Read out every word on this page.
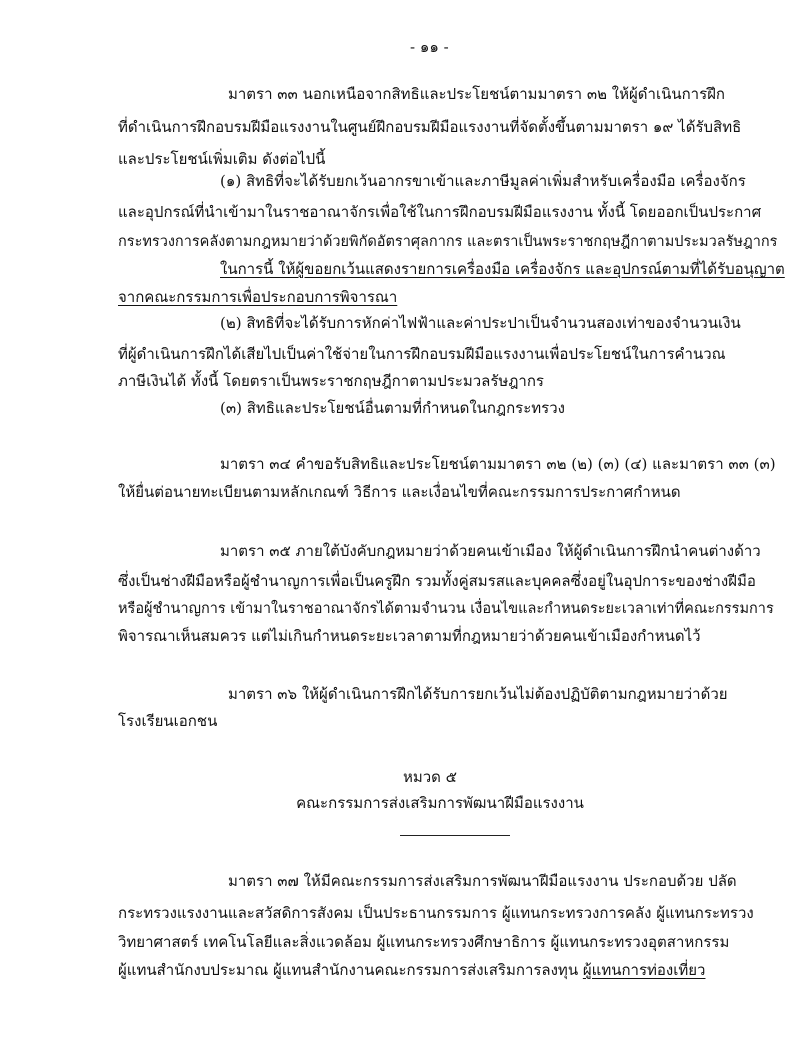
- ๑๑ -
มาตรา ๓๓ นอกเหนือจากสิทธิและประโยชน์ตามมาตรา ๓๒ ให้ผู้ดำเนินการฝึก
ที่ดำเนินการฝึกอบรมฝีมือแรงงานในศูนย์ฝึกอบรมฝีมือแรงงานที่จัดตั้งขึ้นตามมาตรา ๑๙ ได้รับสิทธิ
และประโยชน์เพิ่มเติม ดังต่อไปนี้
(๑) สิทธิที่จะได้รับยกเว้นอากรขาเข้าและภาษีมูลค่าเพิ่มสำหรับเครื่องมือ เครื่องจักร
และอุปกรณ์ที่นำเข้ามาในราชอาณาจักรเพื่อใช้ในการฝึกอบรมฝีมือแรงงาน ทั้งนี้ โดยออกเป็นประกาศ
กระทรวงการคลังตามกฎหมายว่าด้วยพิกัดอัตราศุลกากร และตราเป็นพระราชกฤษฎีกาตามประมวลรัษฎากร
ในการนี้ ให้ผู้ขอยกเว้นแสดงรายการเครื่องมือ เครื่องจักร และอุปกรณ์ตามที่ได้รับอนุญาต
จากคณะกรรมการเพื่อประกอบการพิจารณา
(๒) สิทธิที่จะได้รับการหักค่าไฟฟ้าและค่าประปาเป็นจำนวนสองเท่าของจำนวนเงิน
ที่ผู้ดำเนินการฝึกได้เสียไปเป็นค่าใช้จ่ายในการฝึกอบรมฝีมือแรงงานเพื่อประโยชน์ในการคำนวณ
ภาษีเงินได้ ทั้งนี้ โดยตราเป็นพระราชกฤษฎีกาตามประมวลรัษฎากร
(๓) สิทธิและประโยชน์อื่นตามที่กำหนดในกฎกระทรวง
มาตรา ๓๔ คำขอรับสิทธิและประโยชน์ตามมาตรา ๓๒ (๒) (๓) (๔) และมาตรา ๓๓ (๓)
ให้ยื่นต่อนายทะเบียนตามหลักเกณฑ์ วิธีการ และเงื่อนไขที่คณะกรรมการประกาศกำหนด
มาตรา ๓๕ ภายใต้บังคับกฎหมายว่าด้วยคนเข้าเมือง ให้ผู้ดำเนินการฝึกนำคนต่างด้าว
ซึ่งเป็นช่างฝีมือหรือผู้ชำนาญการเพื่อเป็นครูฝึก รวมทั้งคู่สมรสและบุคคลซึ่งอยู่ในอุปการะของช่างฝีมือ
หรือผู้ชำนาญการ เข้ามาในราชอาณาจักรได้ตามจำนวน เงื่อนไขและกำหนดระยะเวลาเท่าที่คณะกรรมการ
พิจารณาเห็นสมควร แต่ไม่เกินกำหนดระยะเวลาตามที่กฎหมายว่าด้วยคนเข้าเมืองกำหนดไว้
มาตรา ๓๖ ให้ผู้ดำเนินการฝึกได้รับการยกเว้นไม่ต้องปฏิบัติตามกฎหมายว่าด้วย
โรงเรียนเอกชน
หมวด ๕
คณะกรรมการส่งเสริมการพัฒนาฝีมือแรงงาน
มาตรา ๓๗ ให้มีคณะกรรมการส่งเสริมการพัฒนาฝีมือแรงงาน ประกอบด้วย ปลัด
กระทรวงแรงงานและสวัสดิการสังคม เป็นประธานกรรมการ ผู้แทนกระทรวงการคลัง ผู้แทนกระทรวง
วิทยาศาสตร์ เทคโนโลยีและสิ่งแวดล้อม ผู้แทนกระทรวงศึกษาธิการ ผู้แทนกระทรวงอุตสาหกรรม
ผู้แทนสำนักงบประมาณ ผู้แทนสำนักงานคณะกรรมการส่งเสริมการลงทุน ผู้แทนการท่องเที่ยว
